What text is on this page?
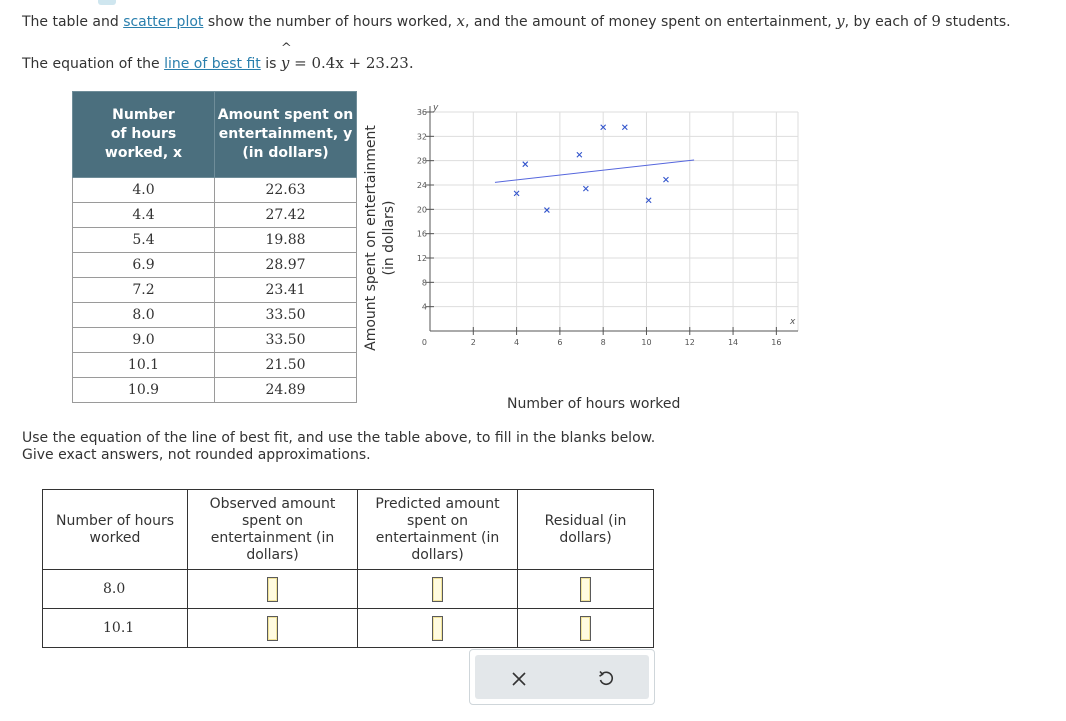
The table and scatter plot show the number of hours worked, x, and the amount of money spent on entertainment, y, by each of 9 students.
The equation of the line of best fit is
^
y = 0.4x + 23.23.
Number of hours worked, x	Amount spent on entertainment, y (in dollars)
4.0	22.63
4.4	27.42
5.4	19.88
6.9	28.97
7.2	23.41
8.0	33.50
9.0	33.50
10.1	21.50
10.9	24.89
2	4	6	8	10	12	14	16
4
8
12
16
20
24
28
32
36
0
y
x
Amount spent on entertainment (in dollars)
Number of hours worked
Use the equation of the line of best fit, and use the table above, to fill in the blanks below.
Give exact answers, not rounded approximations.
Number of hours worked	Observed amount spent on entertainment (in dollars)	Predicted amount spent on entertainment (in dollars)	Residual (in dollars)
8.0			
10.1			
